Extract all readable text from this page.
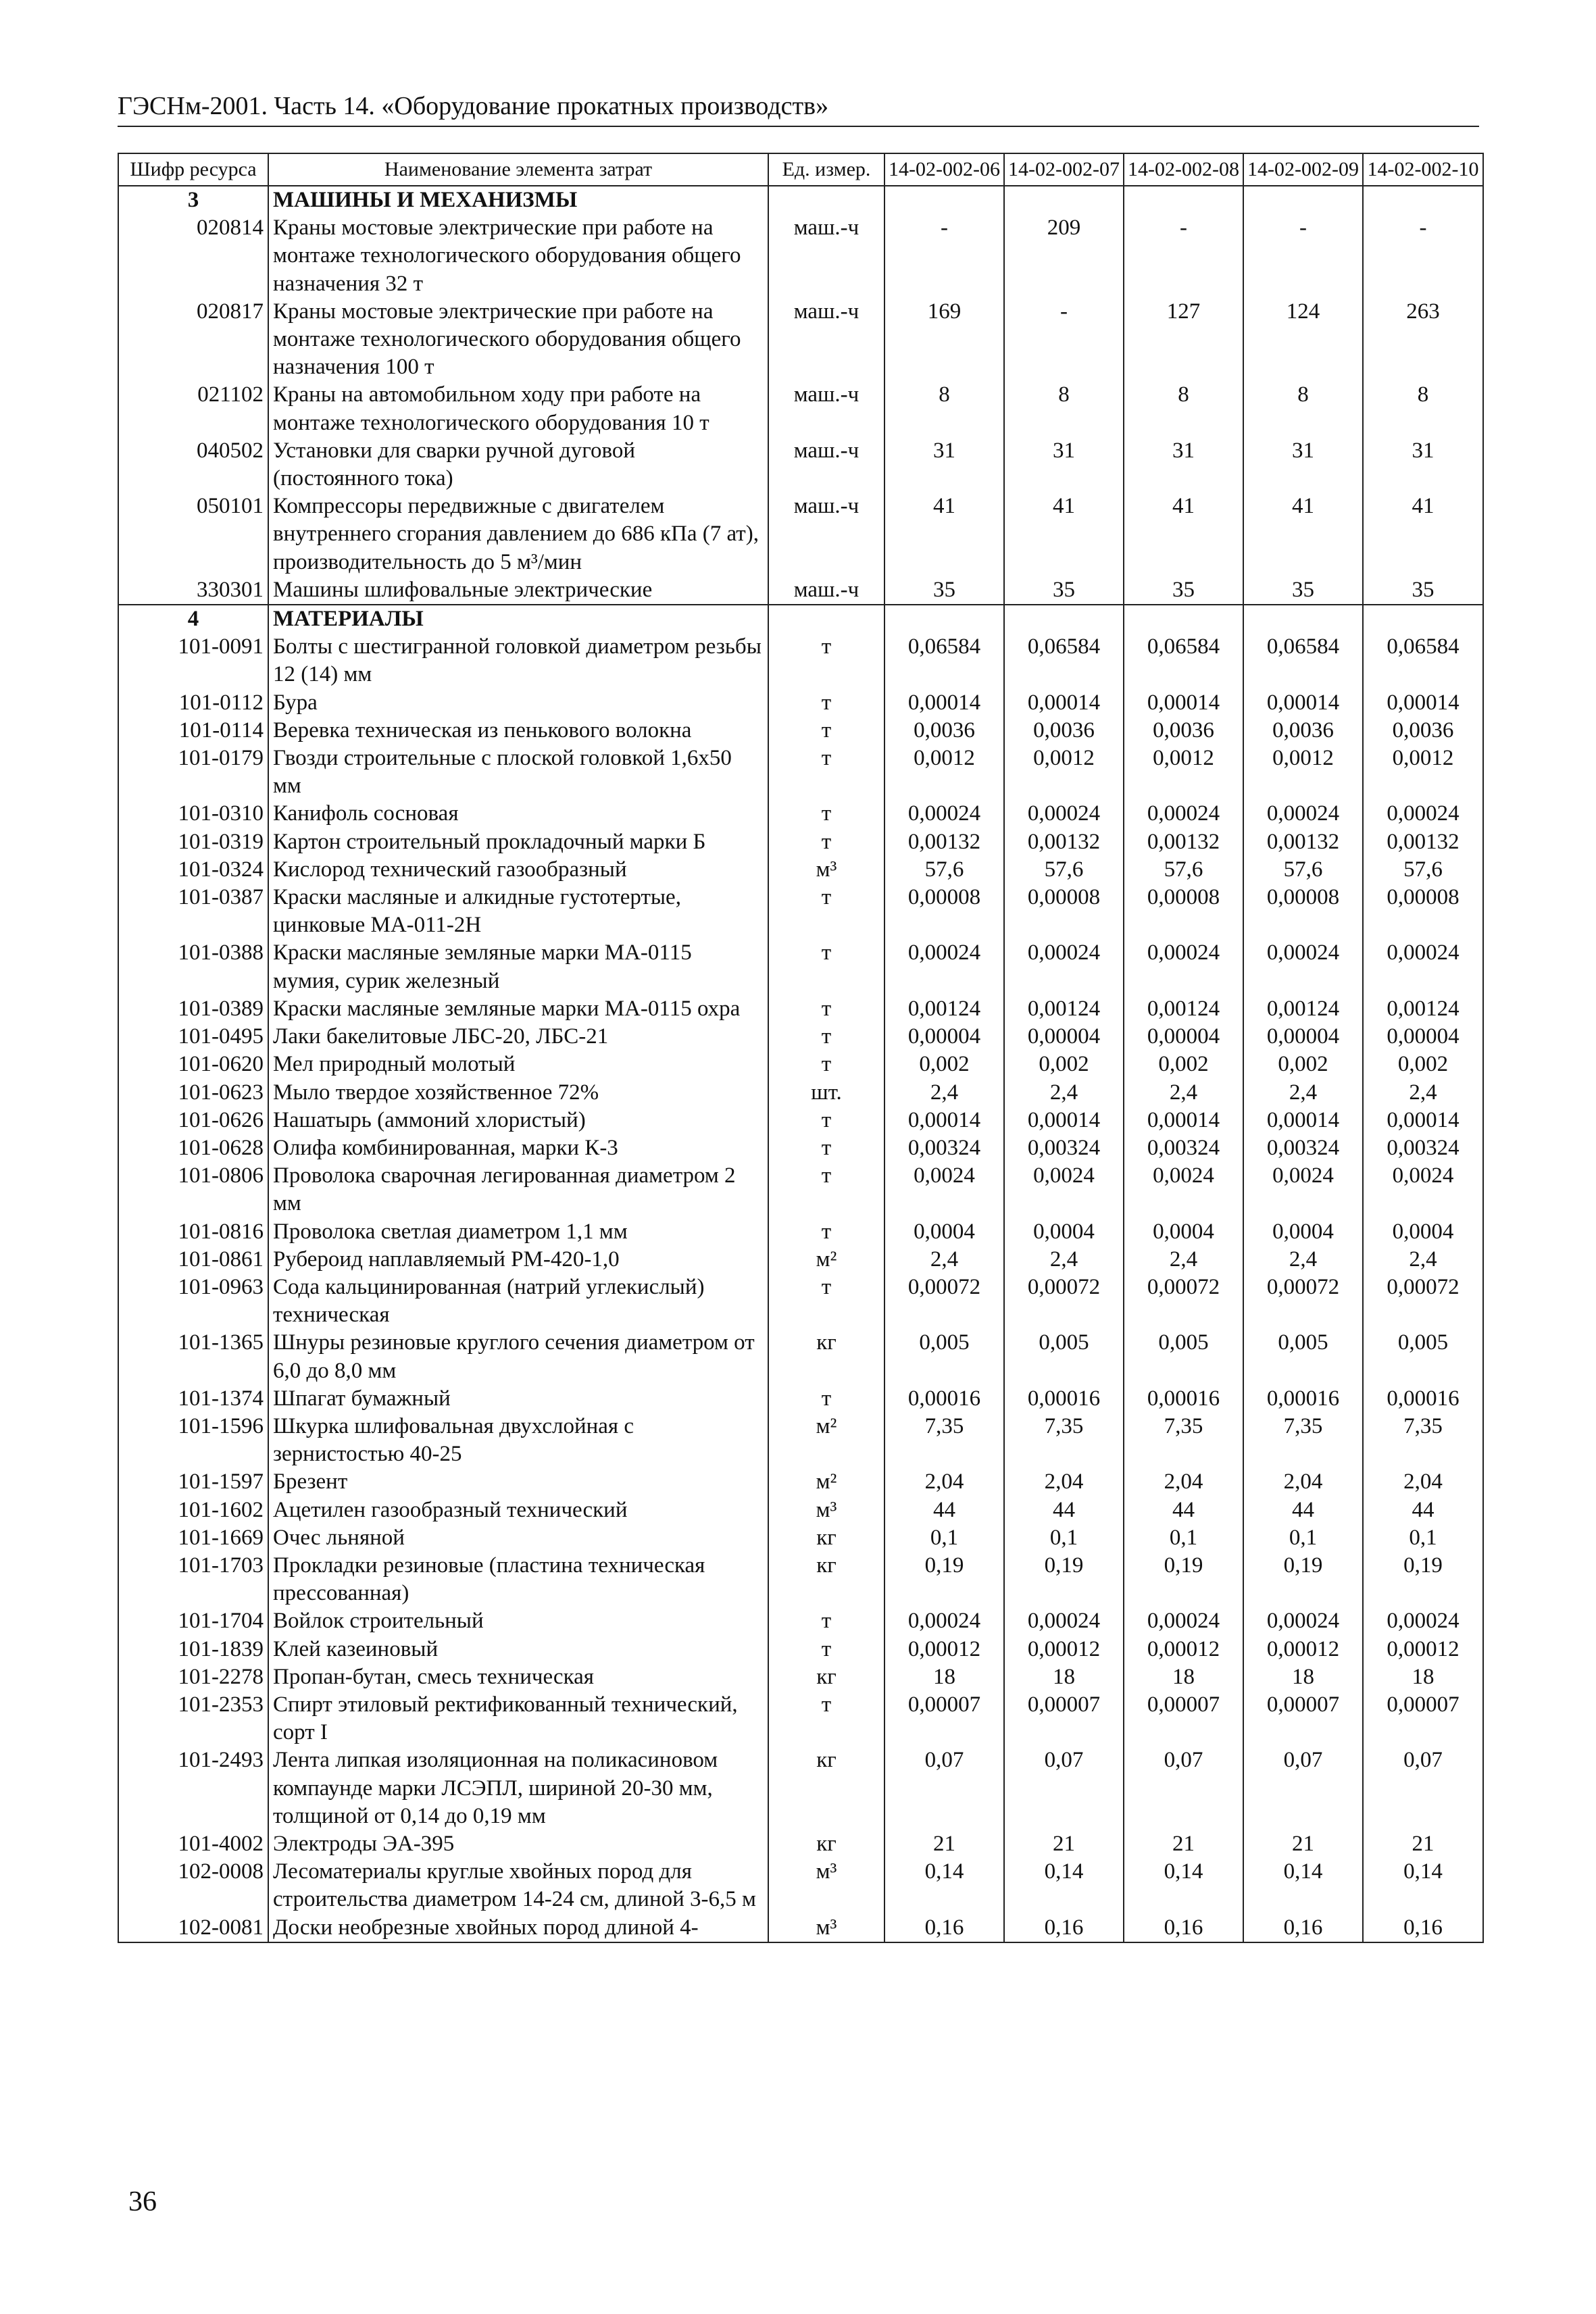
ГЭСНм-2001. Часть 14. «Оборудование прокатных производств»
Шифр ресурса	Наименование элемента затрат	Ед. измер.	14-02-002-06	14-02-002-07	14-02-002-08	14-02-002-09	14-02-002-10
3	МАШИНЫ И МЕХАНИЗМЫ						
020814	Краны мостовые электрические при работе на монтаже технологического оборудования общего назначения 32 т	маш.-ч	-	209	-	-	-
020817	Краны мостовые электрические при работе на монтаже технологического оборудования общего назначения 100 т	маш.-ч	169	-	127	124	263
021102	Краны на автомобильном ходу при работе на монтаже технологического оборудования 10 т	маш.-ч	8	8	8	8	8
040502	Установки для сварки ручной дуговой (постоянного тока)	маш.-ч	31	31	31	31	31
050101	Компрессоры передвижные с двигателем внутреннего сгорания давлением до 686 кПа (7 ат), производительность до 5 м³/мин	маш.-ч	41	41	41	41	41
330301	Машины шлифовальные электрические	маш.-ч	35	35	35	35	35
4	МАТЕРИАЛЫ						
101-0091	Болты с шестигранной головкой диаметром резьбы 12 (14) мм	т	0,06584	0,06584	0,06584	0,06584	0,06584
101-0112	Бура	т	0,00014	0,00014	0,00014	0,00014	0,00014
101-0114	Веревка техническая из пенькового волокна	т	0,0036	0,0036	0,0036	0,0036	0,0036
101-0179	Гвозди строительные с плоской головкой 1,6х50 мм	т	0,0012	0,0012	0,0012	0,0012	0,0012
101-0310	Канифоль сосновая	т	0,00024	0,00024	0,00024	0,00024	0,00024
101-0319	Картон строительный прокладочный марки Б	т	0,00132	0,00132	0,00132	0,00132	0,00132
101-0324	Кислород технический газообразный	м³	57,6	57,6	57,6	57,6	57,6
101-0387	Краски масляные и алкидные густотертые, цинковые МА-011-2Н	т	0,00008	0,00008	0,00008	0,00008	0,00008
101-0388	Краски масляные земляные марки МА-0115 мумия, сурик железный	т	0,00024	0,00024	0,00024	0,00024	0,00024
101-0389	Краски масляные земляные марки МА-0115 охра	т	0,00124	0,00124	0,00124	0,00124	0,00124
101-0495	Лаки бакелитовые ЛБС-20, ЛБС-21	т	0,00004	0,00004	0,00004	0,00004	0,00004
101-0620	Мел природный молотый	т	0,002	0,002	0,002	0,002	0,002
101-0623	Мыло твердое хозяйственное 72%	шт.	2,4	2,4	2,4	2,4	2,4
101-0626	Нашатырь (аммоний хлористый)	т	0,00014	0,00014	0,00014	0,00014	0,00014
101-0628	Олифа комбинированная, марки К-3	т	0,00324	0,00324	0,00324	0,00324	0,00324
101-0806	Проволока сварочная легированная диаметром 2 мм	т	0,0024	0,0024	0,0024	0,0024	0,0024
101-0816	Проволока светлая диаметром 1,1 мм	т	0,0004	0,0004	0,0004	0,0004	0,0004
101-0861	Рубероид наплавляемый РМ-420-1,0	м²	2,4	2,4	2,4	2,4	2,4
101-0963	Сода кальцинированная (натрий углекислый) техническая	т	0,00072	0,00072	0,00072	0,00072	0,00072
101-1365	Шнуры резиновые круглого сечения диаметром от 6,0 до 8,0 мм	кг	0,005	0,005	0,005	0,005	0,005
101-1374	Шпагат бумажный	т	0,00016	0,00016	0,00016	0,00016	0,00016
101-1596	Шкурка шлифовальная двухслойная с зернистостью 40-25	м²	7,35	7,35	7,35	7,35	7,35
101-1597	Брезент	м²	2,04	2,04	2,04	2,04	2,04
101-1602	Ацетилен газообразный технический	м³	44	44	44	44	44
101-1669	Очес льняной	кг	0,1	0,1	0,1	0,1	0,1
101-1703	Прокладки резиновые (пластина техническая прессованная)	кг	0,19	0,19	0,19	0,19	0,19
101-1704	Войлок строительный	т	0,00024	0,00024	0,00024	0,00024	0,00024
101-1839	Клей казеиновый	т	0,00012	0,00012	0,00012	0,00012	0,00012
101-2278	Пропан-бутан, смесь техническая	кг	18	18	18	18	18
101-2353	Спирт этиловый ректификованный технический, сорт I	т	0,00007	0,00007	0,00007	0,00007	0,00007
101-2493	Лента липкая изоляционная на поликасиновом компаунде марки ЛСЭПЛ, шириной 20-30 мм, толщиной от 0,14 до 0,19 мм	кг	0,07	0,07	0,07	0,07	0,07
101-4002	Электроды ЭА-395	кг	21	21	21	21	21
102-0008	Лесоматериалы круглые хвойных пород для строительства диаметром 14-24 см, длиной 3-6,5 м	м³	0,14	0,14	0,14	0,14	0,14
102-0081	Доски необрезные хвойных пород длиной 4-	м³	0,16	0,16	0,16	0,16	0,16
36
